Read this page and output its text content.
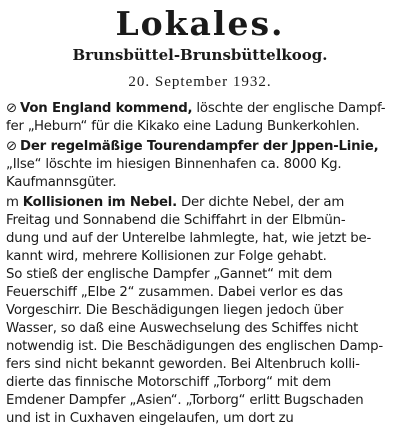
Lokales.
Brunsbüttel-Brunsbüttelkoog.
20. September 1932.
⊘ Von England kommend, löschte der englische Dampf-
fer „Heburn“ für die Kikako eine Ladung Bunkerkohlen.
⊘ Der regelmäßige Tourendampfer der Jppen-Linie,
„Ilse“ löschte im hiesigen Binnenhafen ca. 8000 Kg.
Kaufmannsgüter.
m Kollisionen im Nebel. Der dichte Nebel, der am
Freitag und Sonnabend die Schiffahrt in der Elbmün-
dung und auf der Unterelbe lahmlegte, hat, wie jetzt be-
kannt wird, mehrere Kollisionen zur Folge gehabt.
So stieß der englische Dampfer „Gannet“ mit dem
Feuerschiff „Elbe 2“ zusammen. Dabei verlor es das
Vorgeschirr. Die Beschädigungen liegen jedoch über
Wasser, so daß eine Auswechselung des Schiffes nicht
notwendig ist. Die Beschädigungen des englischen Damp-
fers sind nicht bekannt geworden. Bei Altenbruch kolli-
dierte das finnische Motorschiff „Torborg“ mit dem
Emdener Dampfer „Asien“. „Torborg“ erlitt Bugschaden
und ist in Cuxhaven eingelaufen, um dort zu
